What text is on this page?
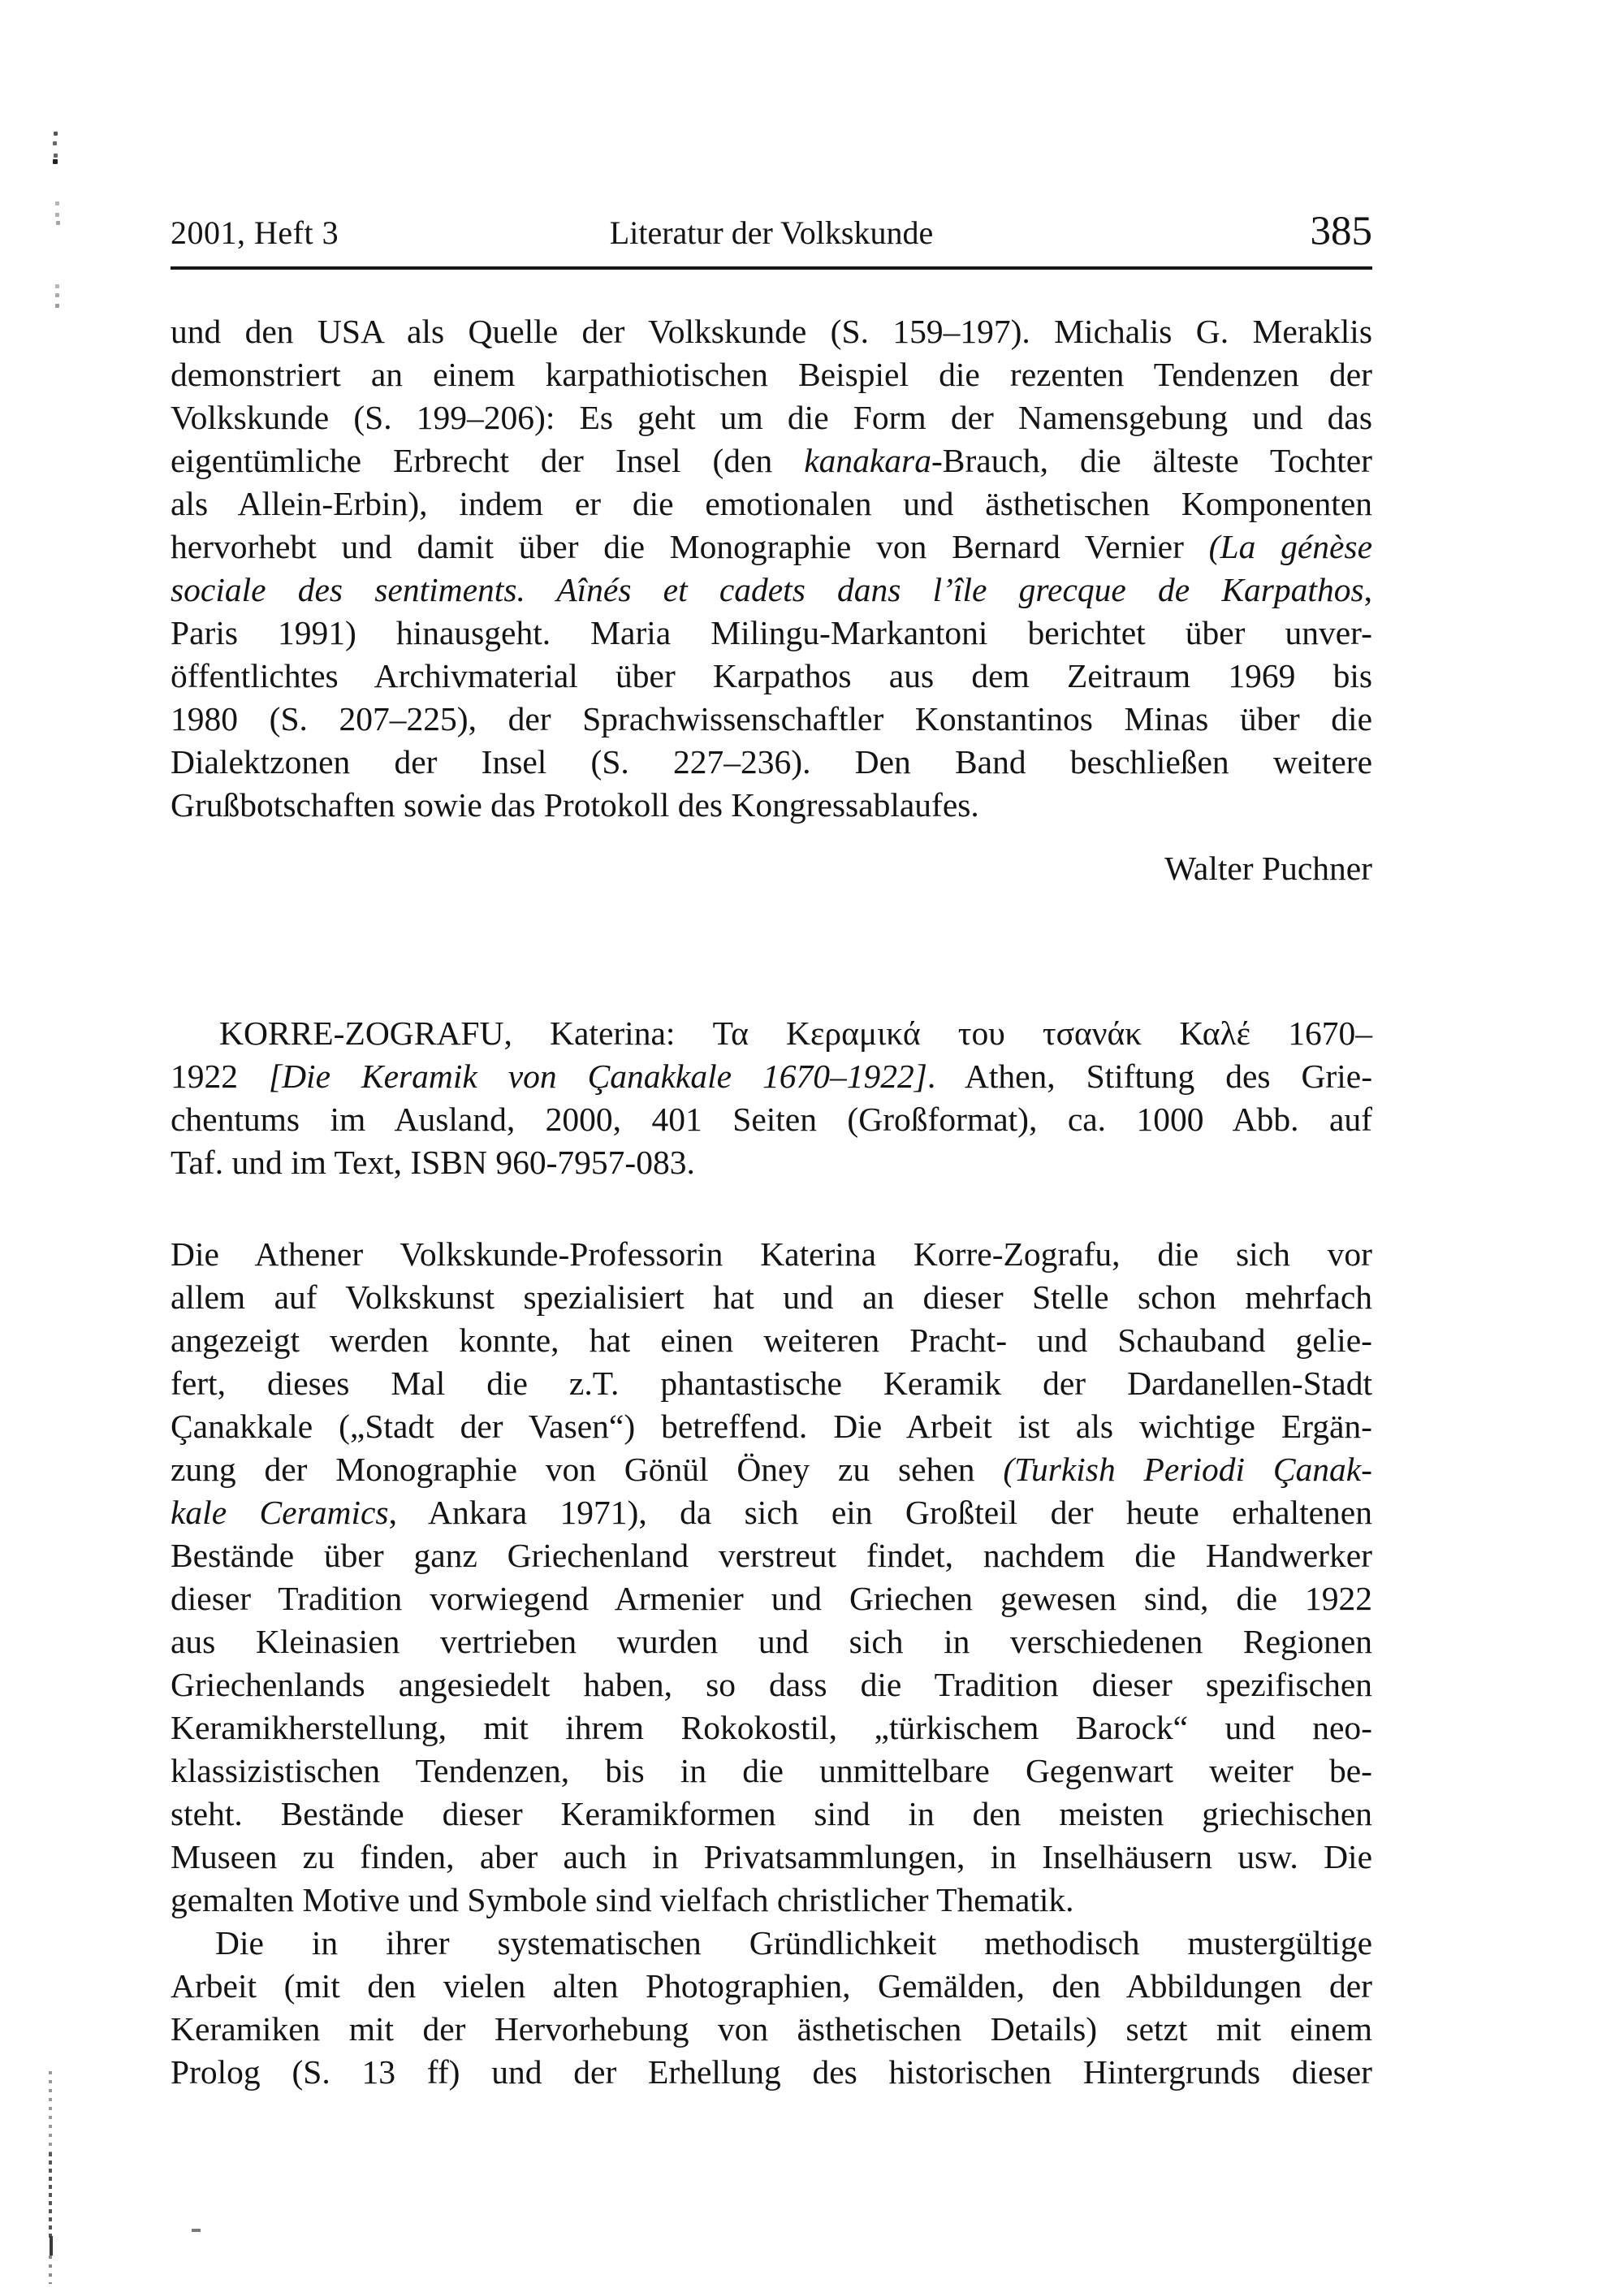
2001, Heft 3	Literatur der Volkskunde	385
und den USA als Quelle der Volkskunde (S. 159–197). Michalis G. Meraklis
demonstriert an einem karpathiotischen Beispiel die rezenten Tendenzen der
Volkskunde (S. 199–206): Es geht um die Form der Namensgebung und das
eigentümliche Erbrecht der Insel (den kanakara-Brauch, die älteste Tochter
als Allein-Erbin), indem er die emotionalen und ästhetischen Komponenten
hervorhebt und damit über die Monographie von Bernard Vernier (La génèse
sociale des sentiments. Aînés et cadets dans l’île grecque de Karpathos,
Paris 1991) hinausgeht. Maria Milingu-Markantoni berichtet über unver-
öffentlichtes Archivmaterial über Karpathos aus dem Zeitraum 1969 bis
1980 (S. 207–225), der Sprachwissenschaftler Konstantinos Minas über die
Dialektzonen der Insel (S. 227–236). Den Band beschließen weitere
Grußbotschaften sowie das Protokoll des Kongressablaufes.
Walter Puchner
KORRE-ZOGRAFU, Katerina: Τα Κεραμικά του τσανάκ Καλέ 1670–
1922 [Die Keramik von Çanakkale 1670–1922]. Athen, Stiftung des Grie-
chentums im Ausland, 2000, 401 Seiten (Großformat), ca. 1000 Abb. auf
Taf. und im Text, ISBN 960-7957-083.
Die Athener Volkskunde-Professorin Katerina Korre-Zografu, die sich vor
allem auf Volkskunst spezialisiert hat und an dieser Stelle schon mehrfach
angezeigt werden konnte, hat einen weiteren Pracht- und Schauband gelie-
fert, dieses Mal die z.T. phantastische Keramik der Dardanellen-Stadt
Çanakkale („Stadt der Vasen“) betreffend. Die Arbeit ist als wichtige Ergän-
zung der Monographie von Gönül Öney zu sehen (Turkish Periodi Çanak-
kale Ceramics, Ankara 1971), da sich ein Großteil der heute erhaltenen
Bestände über ganz Griechenland verstreut findet, nachdem die Handwerker
dieser Tradition vorwiegend Armenier und Griechen gewesen sind, die 1922
aus Kleinasien vertrieben wurden und sich in verschiedenen Regionen
Griechenlands angesiedelt haben, so dass die Tradition dieser spezifischen
Keramikherstellung, mit ihrem Rokokostil, „türkischem Barock“ und neo-
klassizistischen Tendenzen, bis in die unmittelbare Gegenwart weiter be-
steht. Bestände dieser Keramikformen sind in den meisten griechischen
Museen zu finden, aber auch in Privatsammlungen, in Inselhäusern usw. Die
gemalten Motive und Symbole sind vielfach christlicher Thematik.
Die in ihrer systematischen Gründlichkeit methodisch mustergültige
Arbeit (mit den vielen alten Photographien, Gemälden, den Abbildungen der
Keramiken mit der Hervorhebung von ästhetischen Details) setzt mit einem
Prolog (S. 13 ff) und der Erhellung des historischen Hintergrunds dieser
